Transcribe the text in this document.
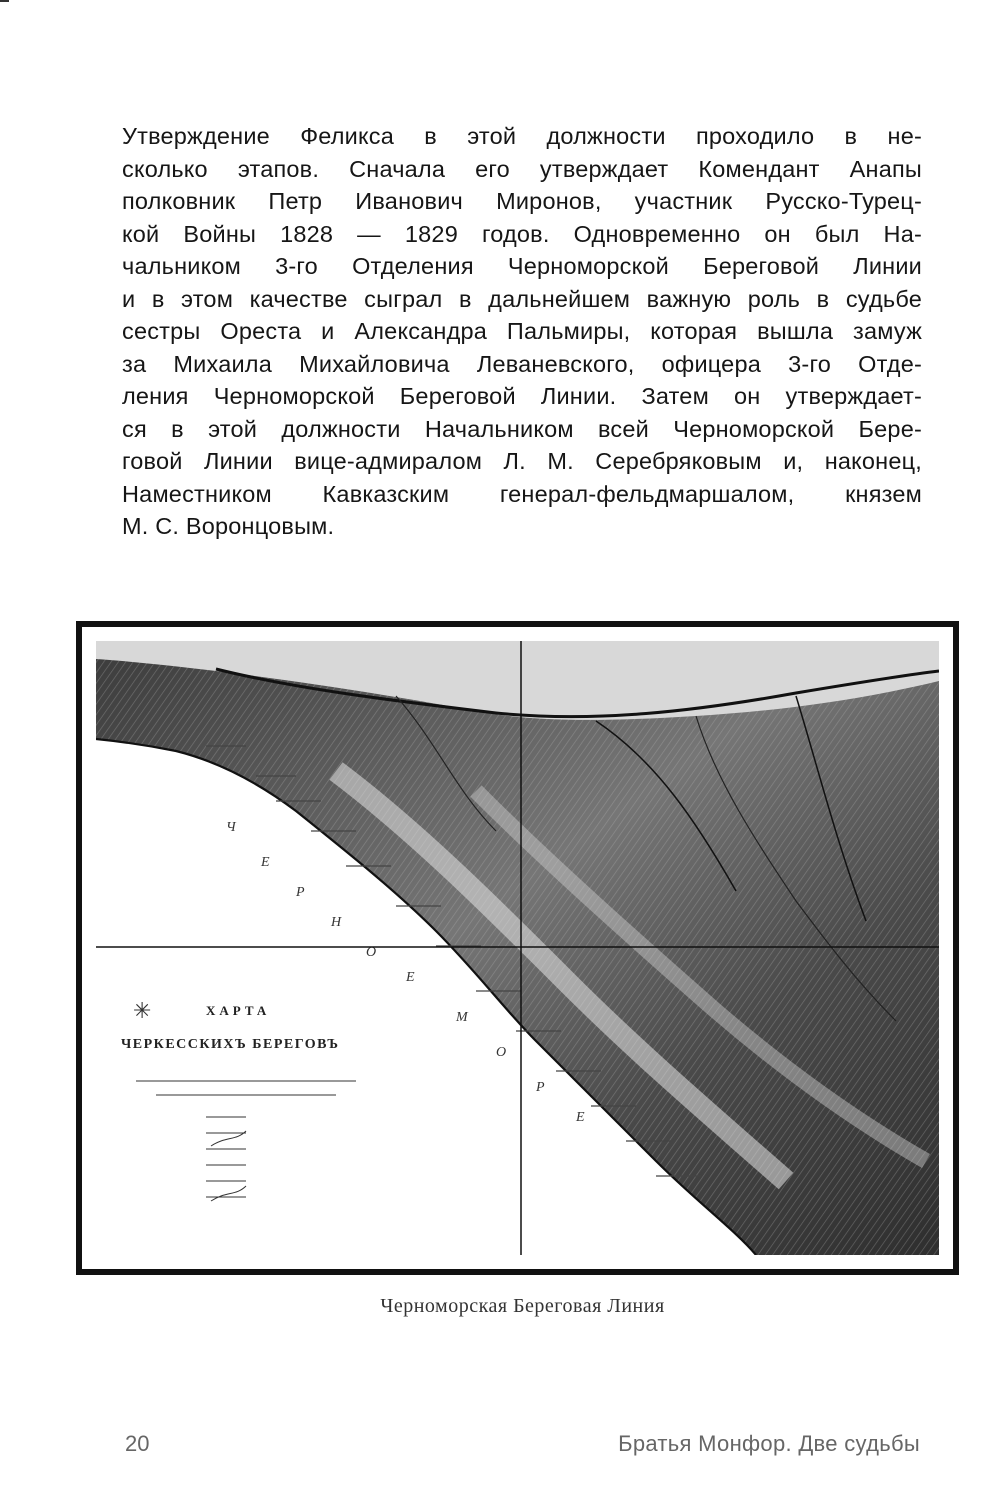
Утверждение Феликса в этой должности проходило в не-
сколько этапов. Сначала его утверждает Комендант Анапы
полковник Петр Иванович Миронов, участник Русско-Турец-
кой Войны 1828 — 1829 годов. Одновременно он был На-
чальником 3-го Отделения Черноморской Береговой Линии
и в этом качестве сыграл в дальнейшем важную роль в судьбе
сестры Ореста и Александра Пальмиры, которая вышла замуж
за Михаила Михайловича Леваневского, офицера 3-го Отде-
ления Черноморской Береговой Линии. Затем он утверждает-
ся в этой должности Начальником всей Черноморской Бере-
говой Линии вице-адмиралом Л. М. Серебряковым и, наконец,
Наместником Кавказским генерал-фельдмаршалом, князем
М. С. Воронцовым.
Ч
Е
Р
Н
О
Е
М
О
Р
Е
✳	ХАРТА
ЧЕРКЕССКИХЪ БЕРЕГОВЪ
Черноморская Береговая Линия
20	Братья Монфор. Две судьбы
